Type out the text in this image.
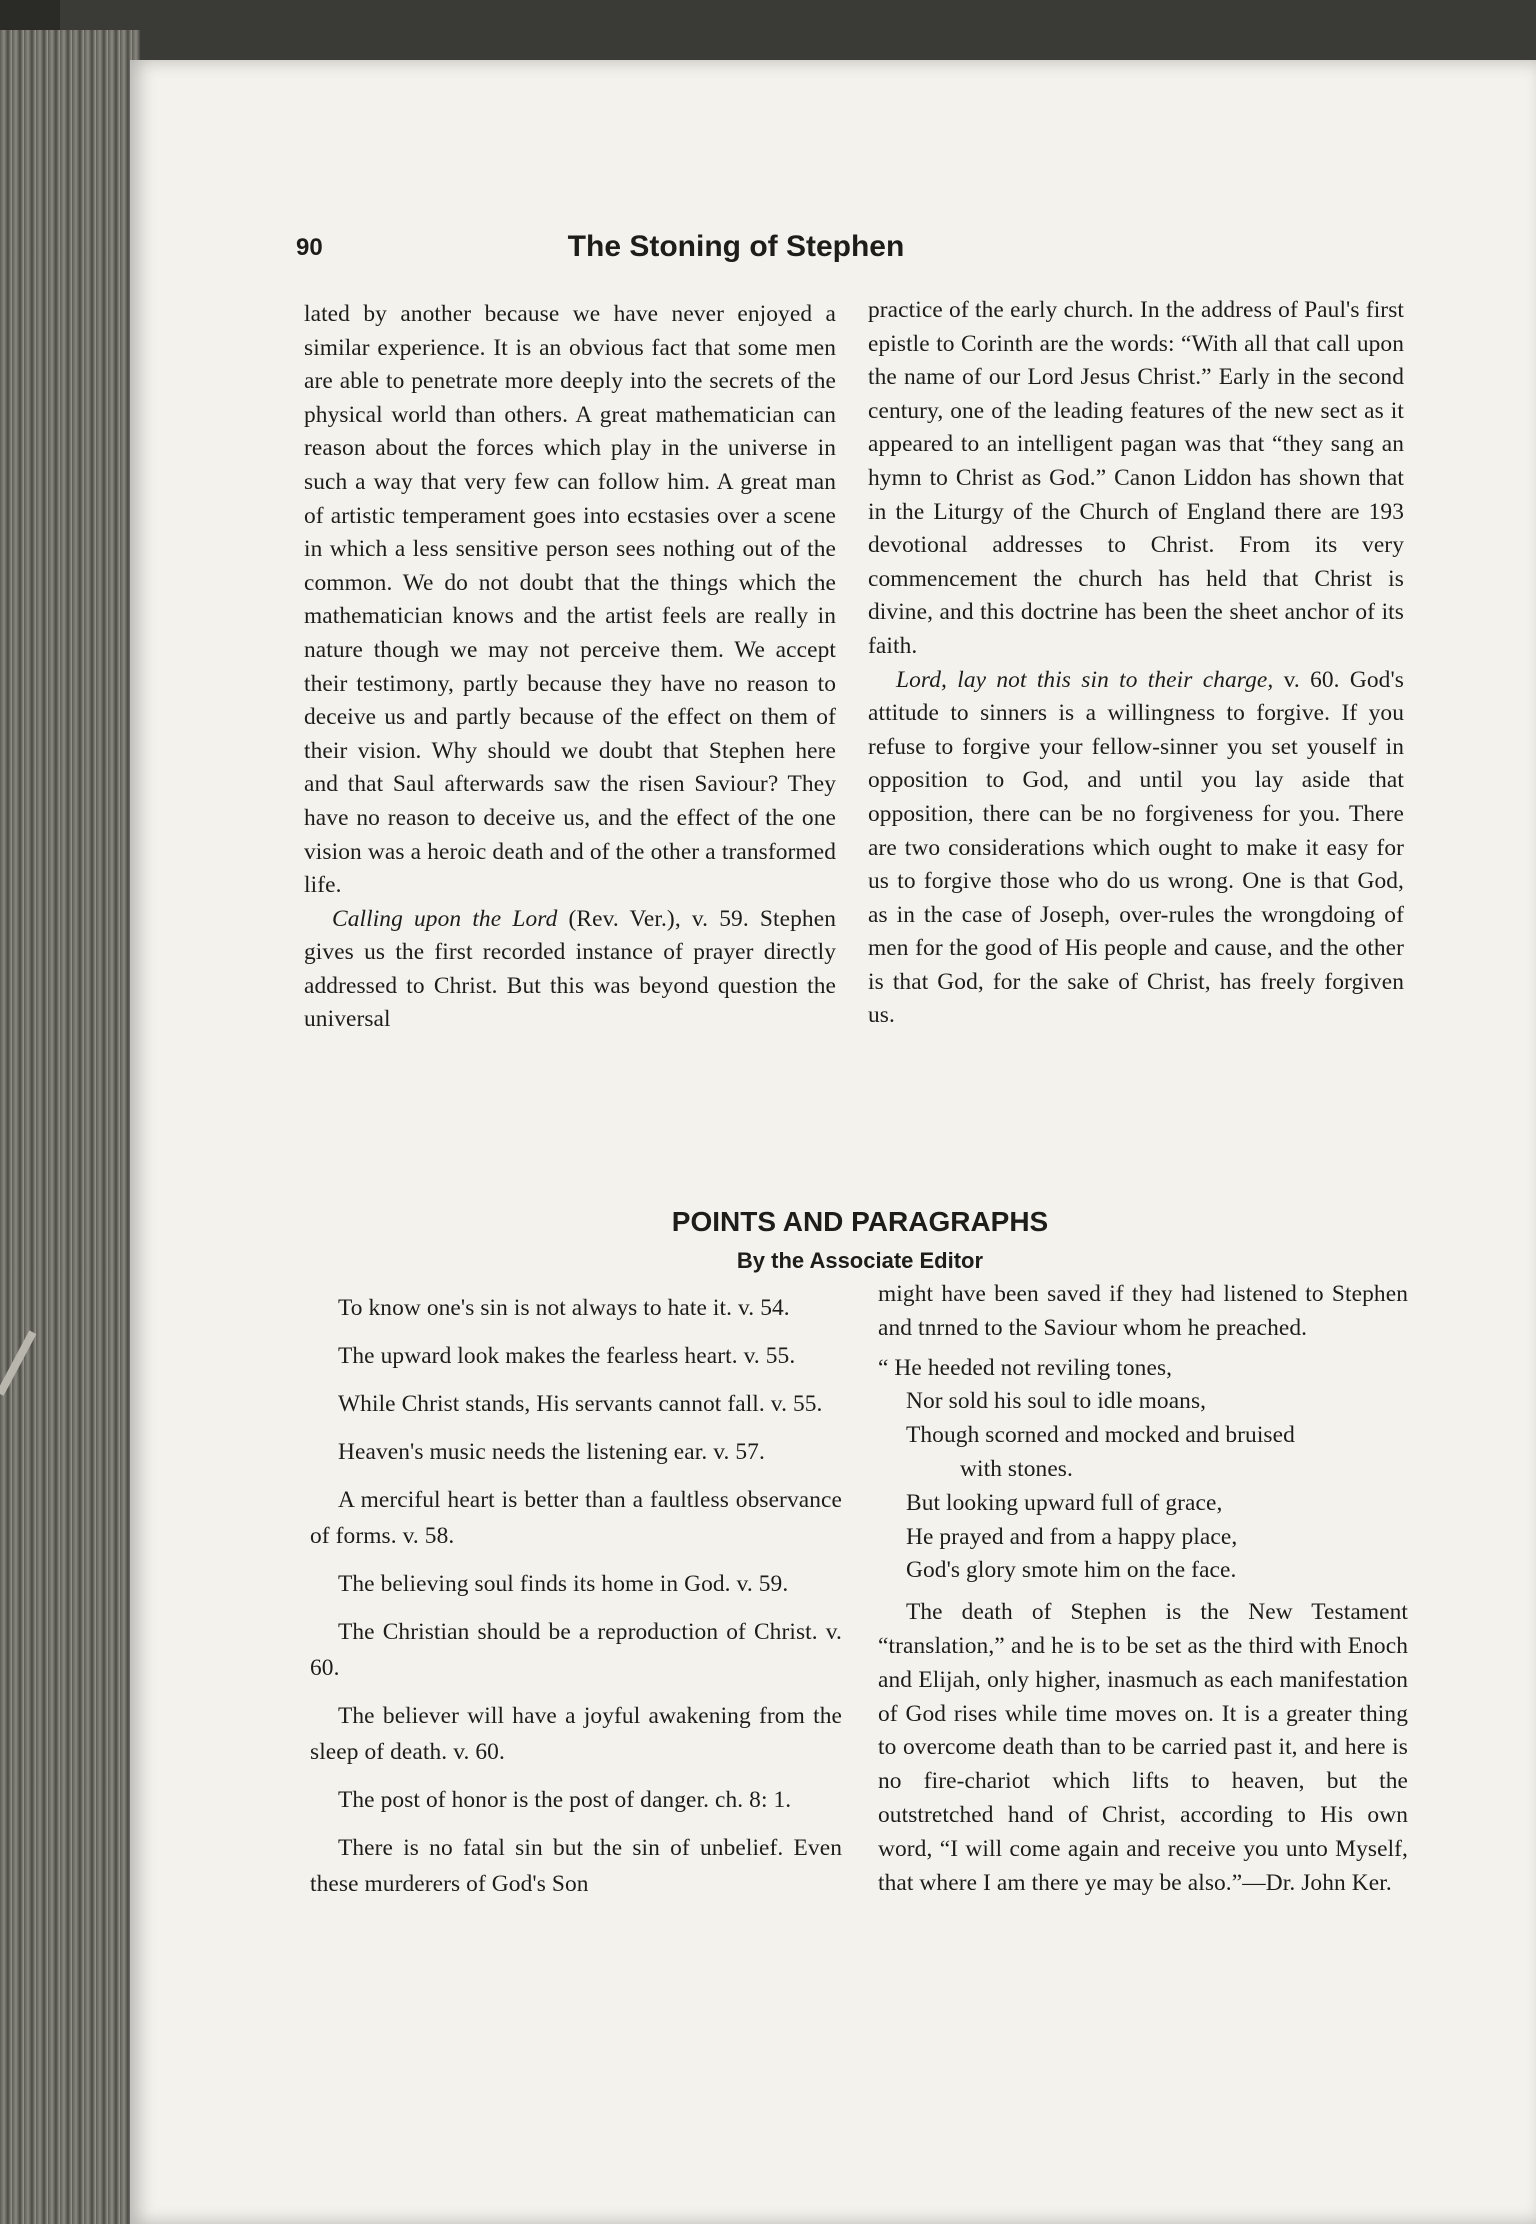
90	The Stoning of Stephen

lated by another because we have never enjoyed a similar experience. It is an obvious fact that some men are able to penetrate more deeply into the secrets of the physical world than others. A great mathematician can reason about the forces which play in the universe in such a way that very few can follow him. A great man of artistic temperament goes into ecstasies over a scene in which a less sensitive person sees nothing out of the common. We do not doubt that the things which the mathematician knows and the artist feels are really in nature though we may not perceive them. We accept their testimony, partly because they have no reason to deceive us and partly because of the effect on them of their vision. Why should we doubt that Stephen here and that Saul afterwards saw the risen Saviour? They have no reason to deceive us, and the effect of the one vision was a heroic death and of the other a transformed life.

Calling upon the Lord (Rev. Ver.), v. 59. Stephen gives us the first recorded instance of prayer directly addressed to Christ. But this was beyond question the universal

practice of the early church. In the address of Paul's first epistle to Corinth are the words: “With all that call upon the name of our Lord Jesus Christ.” Early in the second century, one of the leading features of the new sect as it appeared to an intelligent pagan was that “they sang an hymn to Christ as God.” Canon Liddon has shown that in the Liturgy of the Church of England there are 193 devotional addresses to Christ. From its very commencement the church has held that Christ is divine, and this doctrine has been the sheet anchor of its faith.

Lord, lay not this sin to their charge, v. 60. God's attitude to sinners is a willingness to forgive. If you refuse to forgive your fellow-sinner you set youself in opposition to God, and until you lay aside that opposition, there can be no forgiveness for you. There are two considerations which ought to make it easy for us to forgive those who do us wrong. One is that God, as in the case of Joseph, over-rules the wrongdoing of men for the good of His people and cause, and the other is that God, for the sake of Christ, has freely forgiven us.

POINTS AND PARAGRAPHS
By the Associate Editor

To know one's sin is not always to hate it. v. 54.

The upward look makes the fearless heart. v. 55.

While Christ stands, His servants cannot fall. v. 55.

Heaven's music needs the listening ear. v. 57.

A merciful heart is better than a faultless observance of forms. v. 58.

The believing soul finds its home in God. v. 59.

The Christian should be a reproduction of Christ. v. 60.

The believer will have a joyful awakening from the sleep of death. v. 60.

The post of honor is the post of danger. ch. 8: 1.

There is no fatal sin but the sin of unbelief. Even these murderers of God's Son

might have been saved if they had listened to Stephen and tnrned to the Saviour whom he preached.

“ He heeded not reviling tones,
Nor sold his soul to idle moans,
Though scorned and mocked and bruised
with stones.
But looking upward full of grace,
He prayed and from a happy place,
God's glory smote him on the face.

The death of Stephen is the New Testament “translation,” and he is to be set as the third with Enoch and Elijah, only higher, inasmuch as each manifestation of God rises while time moves on. It is a greater thing to overcome death than to be carried past it, and here is no fire-chariot which lifts to heaven, but the outstretched hand of Christ, according to His own word, “I will come again and receive you unto Myself, that where I am there ye may be also.”—Dr. John Ker.
